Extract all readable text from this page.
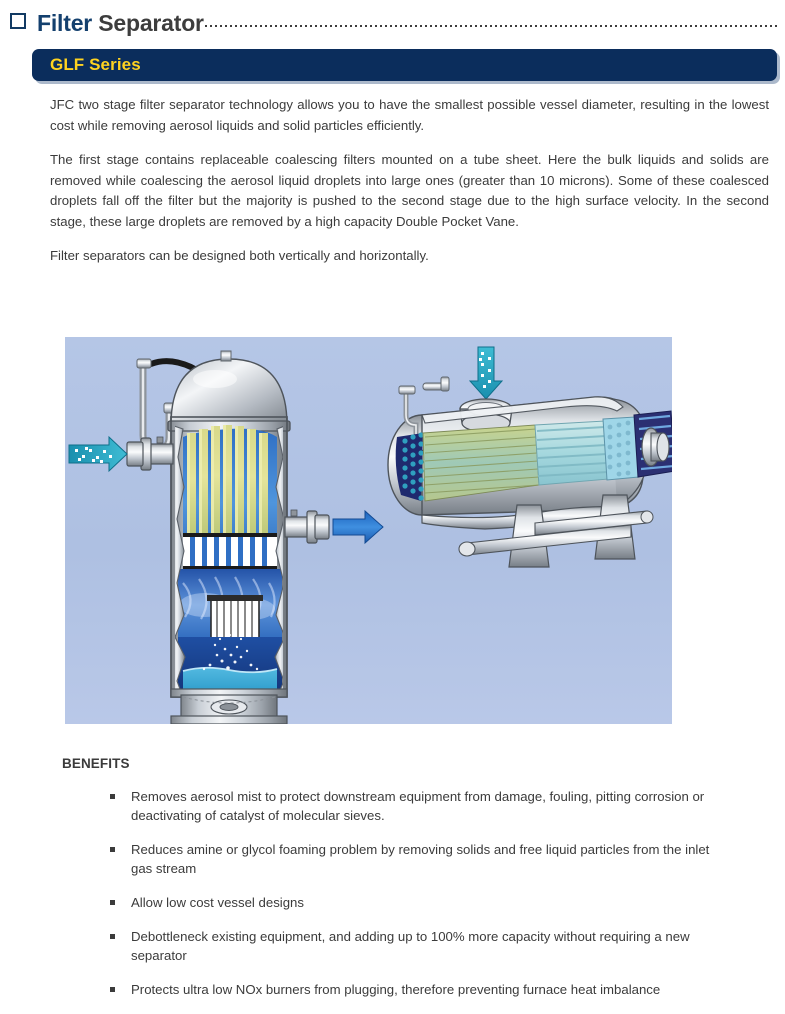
Filter Separator
GLF Series

JFC two stage filter separator technology allows you to have the smallest possible vessel diameter, resulting in the lowest cost while removing aerosol liquids and solid particles efficiently.

The first stage contains replaceable coalescing filters mounted on a tube sheet. Here the bulk liquids and solids are removed while coalescing the aerosol liquid droplets into large ones (greater than 10 microns). Some of these coalesced droplets fall off the filter but the majority is pushed to the second stage due to the high surface velocity. In the second stage, these large droplets are removed by a high capacity Double Pocket Vane.

Filter separators can be designed both vertically and horizontally.

BENEFITS
Removes aerosol mist to protect downstream equipment from damage, fouling, pitting corrosion or deactivating of catalyst of molecular sieves.
Reduces amine or glycol foaming problem by removing solids and free liquid particles from the inlet gas stream
Allow low cost vessel designs
Debottleneck existing equipment, and adding up to 100% more capacity without requiring a new separator
Protects ultra low NOx burners from plugging, therefore preventing furnace heat imbalance
